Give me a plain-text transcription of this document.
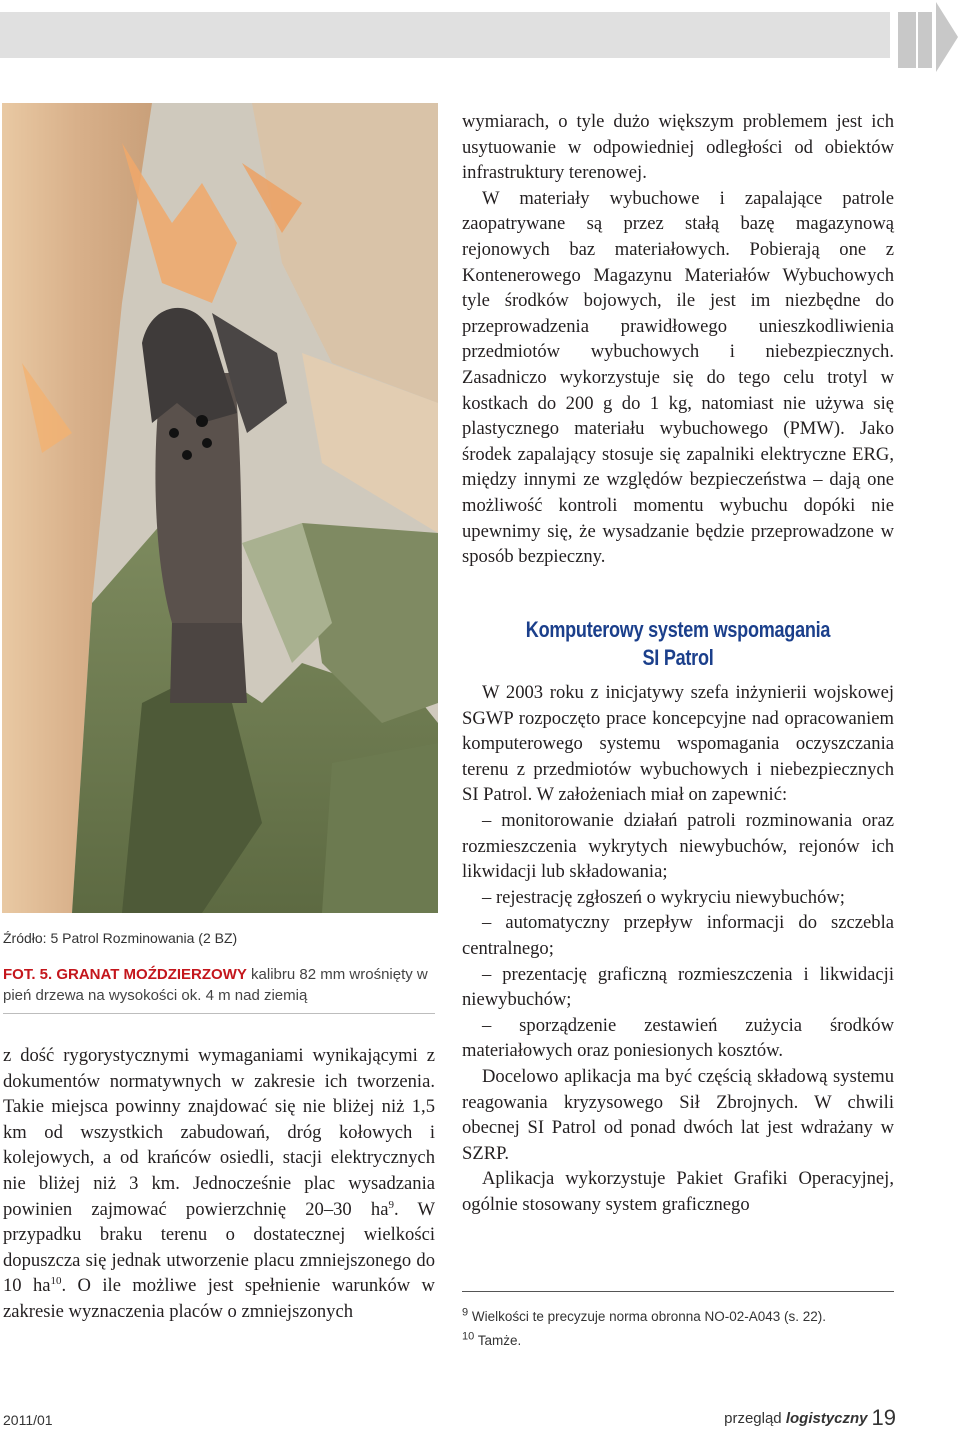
Źródło: 5 Patrol Rozminowania (2 BZ)
FOT. 5. GRANAT MOŹDZIERZOWY kalibru 82 mm wrośnięty w pień drzewa na wysokości ok. 4 m nad ziemią

z dość rygorystycznymi wymaganiami wynikającymi z dokumentów normatywnych w zakresie ich tworzenia. Takie miejsca powinny znajdować się nie bliżej niż 1,5 km od wszystkich zabudowań, dróg kołowych i kolejowych, a od krańców osiedli, stacji elektrycznych nie bliżej niż 3 km. Jednocześnie plac wysadzania powinien zajmować powierzchnię 20–30 $ha^9$. W przypadku braku terenu o dostatecznej wielkości dopuszcza się jednak utworzenie placu zmniejszonego do 10 $ha^{10}$. O ile możliwe jest spełnienie warunków w zakresie wyznaczenia placów o zmniejszonych

wymiarach, o tyle dużo większym problemem jest ich usytuowanie w odpowiedniej odległości od obiektów infrastruktury terenowej.

W materiały wybuchowe i zapalające patrole zaopatrywane są przez stałą bazę magazynową rejonowych baz materiałowych. Pobierają one z Kontenerowego Magazynu Materiałów Wybuchowych tyle środków bojowych, ile jest im niezbędne do przeprowadzenia prawidłowego unieszkodliwienia przedmiotów wybuchowych i niebezpiecznych. Zasadniczo wykorzystuje się do tego celu trotyl w kostkach do 200 g do 1 kg, natomiast nie używa się plastycznego materiału wybuchowego (PMW). Jako środek zapalający stosuje się zapalniki elektryczne ERG, między innymi ze względów bezpieczeństwa – dają one możliwość kontroli momentu wybuchu dopóki nie upewnimy się, że wysadzanie będzie przeprowadzone w sposób bezpieczny.

Komputerowy system wspomagania
SI Patrol

W 2003 roku z inicjatywy szefa inżynierii wojskowej SGWP rozpoczęto prace koncepcyjne nad opracowaniem komputerowego systemu wspomagania oczyszczania terenu z przedmiotów wybuchowych i niebezpiecznych SI Patrol. W założeniach miał on zapewnić:

– monitorowanie działań patroli rozminowania oraz rozmieszczenia wykrytych niewybuchów, rejonów ich likwidacji lub składowania;

– rejestrację zgłoszeń o wykryciu niewybuchów;

– automatyczny przepływ informacji do szczebla centralnego;

– prezentację graficzną rozmieszczenia i likwidacji niewybuchów;

– sporządzenie zestawień zużycia środków materiałowych oraz poniesionych kosztów.

Docelowo aplikacja ma być częścią składową systemu reagowania kryzysowego Sił Zbrojnych. W chwili obecnej SI Patrol od ponad dwóch lat jest wdrażany w SZRP.

Aplikacja wykorzystuje Pakiet Grafiki Operacyjnej, ogólnie stosowany system graficznego

$^9$ Wielkości te precyzuje norma obronna NO-02-A043 (s. 22).
$^{10}$ Tamże.
2011/01	przegląd logistyczny 19
